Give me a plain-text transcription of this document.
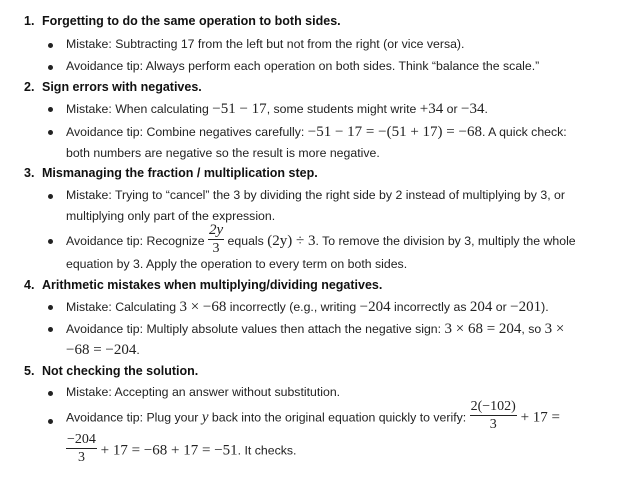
1. Forgetting to do the same operation to both sides.
Mistake: Subtracting 17 from the left but not from the right (or vice versa).
Avoidance tip: Always perform each operation on both sides. Think “balance the scale.”
2. Sign errors with negatives.
Mistake: When calculating −51 − 17, some students might write +34 or −34.
Avoidance tip: Combine negatives carefully: −51 − 17 = −(51 + 17) = −68. A quick check:
both numbers are negative so the result is more negative.
3. Mismanaging the fraction / multiplication step.
Mistake: Trying to “cancel” the 3 by dividing the right side by 2 instead of multiplying by 3, or
multiplying only part of the expression.
Avoidance tip: Recognize $\frac{2y}{3}$ equals (2y) ÷ 3. To remove the division by 3, multiply the whole
equation by 3. Apply the operation to every term on both sides.
4. Arithmetic mistakes when multiplying/dividing negatives.
Mistake: Calculating 3 × −68 incorrectly (e.g., writing −204 incorrectly as 204 or −201).
Avoidance tip: Multiply absolute values then attach the negative sign: 3 × 68 = 204, so 3 ×
−68 = −204.
5. Not checking the solution.
Mistake: Accepting an answer without substitution.
Avoidance tip: Plug your y back into the original equation quickly to verify: $\frac{2(-102)}{3} + 17$ =
$\frac{-204}{3} + 17 = -68 + 17 = -51$. It checks.
